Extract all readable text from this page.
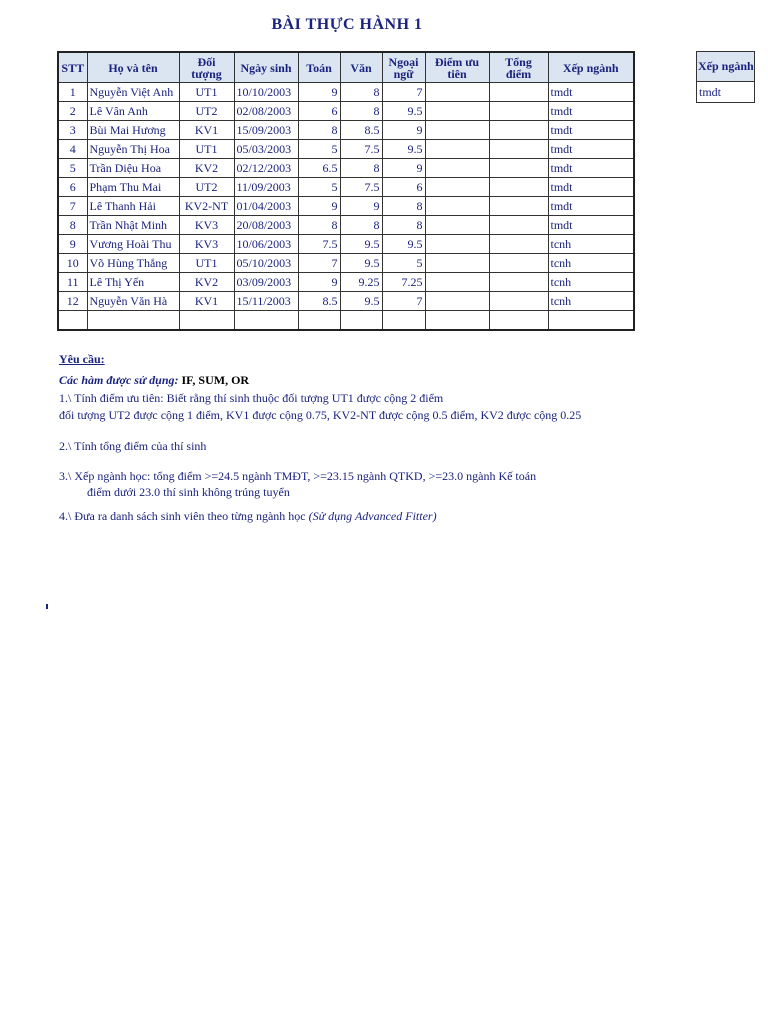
BÀI THỰC HÀNH 1
STT	Họ và tên	Đối tượng	Ngày sinh	Toán	Văn	Ngoại ngữ	Điểm ưu tiên	Tổng điểm	Xếp ngành
1	Nguyễn Việt Anh	UT1	10/10/2003	9	8	7			tmdt
2	Lê Vân Anh	UT2	02/08/2003	6	8	9.5			tmdt
3	Bùi Mai Hương	KV1	15/09/2003	8	8.5	9			tmdt
4	Nguyễn Thị Hoa	UT1	05/03/2003	5	7.5	9.5			tmdt
5	Trần Diệu Hoa	KV2	02/12/2003	6.5	8	9			tmdt
6	Phạm Thu Mai	UT2	11/09/2003	5	7.5	6			tmdt
7	Lê Thanh Hải	KV2-NT	01/04/2003	9	9	8			tmdt
8	Trần Nhật Minh	KV3	20/08/2003	8	8	8			tmdt
9	Vương Hoài Thu	KV3	10/06/2003	7.5	9.5	9.5			tcnh
10	Võ Hùng Thắng	UT1	05/10/2003	7	9.5	5			tcnh
11	Lê Thị Yến	KV2	03/09/2003	9	9.25	7.25			tcnh
12	Nguyễn Văn Hà	KV1	15/11/2003	8.5	9.5	7			tcnh

Xếp ngành
tmdt
Yêu cầu:
Các hàm được sử dụng: IF, SUM, OR
1.\ Tính điểm ưu tiên: Biết rằng thí sinh thuộc đối tượng UT1 được cộng 2 điểm
đối tượng UT2 được cộng 1 điểm, KV1 được cộng 0.75, KV2-NT được cộng 0.5 điểm, KV2 được cộng 0.25
2.\ Tính tổng điểm của thí sinh
3.\ Xếp ngành học: tổng điểm >=24.5 ngành TMĐT, >=23.15 ngành QTKD, >=23.0 ngành Kế toán
điểm dưới 23.0 thí sinh không trúng tuyển
4.\ Đưa ra danh sách sinh viên theo từng ngành học (Sử dụng Advanced Fitter)
